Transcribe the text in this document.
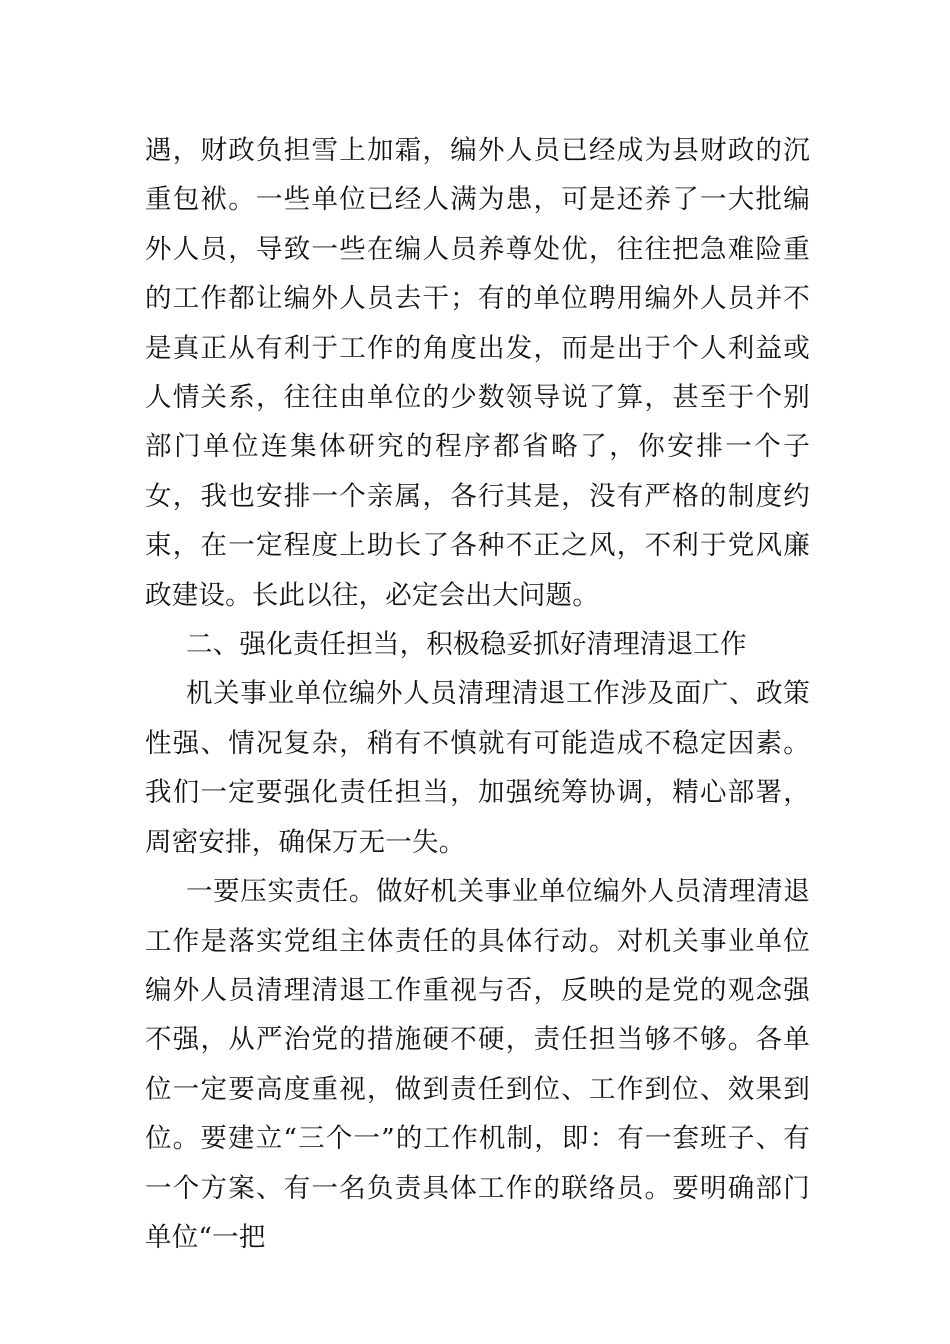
遇，财政负担雪上加霜，编外人员已经成为县财政的沉重包袱。一些单位已经人满为患，可是还养了一大批编外人员，导致一些在编人员养尊处优，往往把急难险重的工作都让编外人员去干；有的单位聘用编外人员并不是真正从有利于工作的角度出发，而是出于个人利益或人情关系，往往由单位的少数领导说了算，甚至于个别部门单位连集体研究的程序都省略了，你安排一个子女，我也安排一个亲属，各行其是，没有严格的制度约束，在一定程度上助长了各种不正之风，不利于党风廉政建设。长此以往，必定会出大问题。

二、强化责任担当，积极稳妥抓好清理清退工作

机关事业单位编外人员清理清退工作涉及面广、政策性强、情况复杂，稍有不慎就有可能造成不稳定因素。我们一定要强化责任担当，加强统筹协调，精心部署，周密安排，确保万无一失。

一要压实责任。做好机关事业单位编外人员清理清退工作是落实党组主体责任的具体行动。对机关事业单位编外人员清理清退工作重视与否，反映的是党的观念强不强，从严治党的措施硬不硬，责任担当够不够。各单位一定要高度重视，做到责任到位、工作到位、效果到位。要建立“三个一”的工作机制，即：有一套班子、有一个方案、有一名负责具体工作的联络员。要明确部门单位“一把
